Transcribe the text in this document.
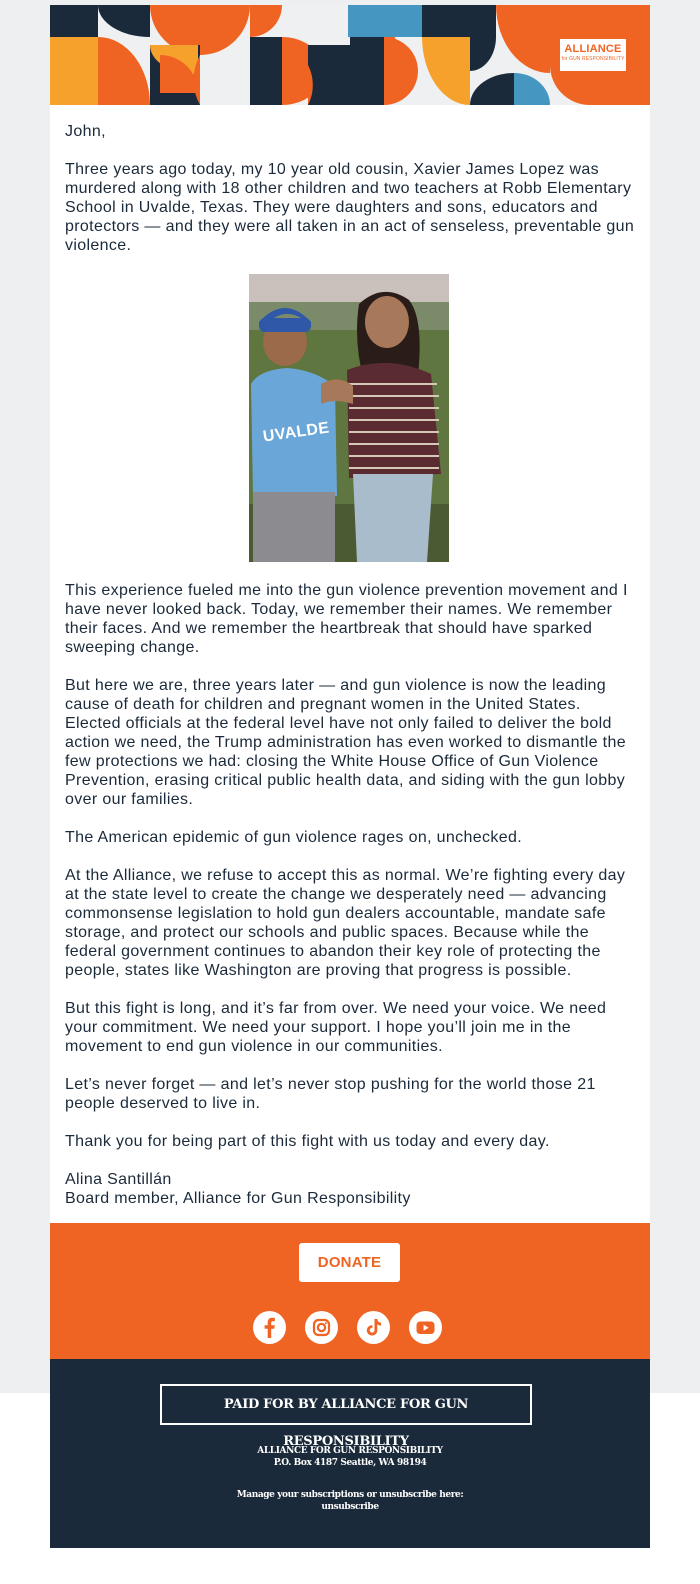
ALLIANCE
for GUN RESPONSIBILITY

John,

Three years ago today, my 10 year old cousin, Xavier James Lopez was murdered along with 18 other children and two teachers at Robb Elementary School in Uvalde, Texas. They were daughters and sons, educators and protectors — and they were all taken in an act of senseless, preventable gun violence.

UVALDE

This experience fueled me into the gun violence prevention movement and I have never looked back. Today, we remember their names. We remember their faces. And we remember the heartbreak that should have sparked sweeping change.

But here we are, three years later — and gun violence is now the leading cause of death for children and pregnant women in the United States. Elected officials at the federal level have not only failed to deliver the bold action we need, the Trump administration has even worked to dismantle the few protections we had: closing the White House Office of Gun Violence Prevention, erasing critical public health data, and siding with the gun lobby over our families.

The American epidemic of gun violence rages on, unchecked.

At the Alliance, we refuse to accept this as normal. We’re fighting every day at the state level to create the change we desperately need — advancing commonsense legislation to hold gun dealers accountable, mandate safe storage, and protect our schools and public spaces. Because while the federal government continues to abandon their key role of protecting the people, states like Washington are proving that progress is possible.

But this fight is long, and it’s far from over. We need your voice. We need your commitment. We need your support. I hope you’ll join me in the movement to end gun violence in our communities.

Let’s never forget — and let’s never stop pushing for the world those 21 people deserved to live in.

Thank you for being part of this fight with us today and every day.

Alina Santillán
Board member, Alliance for Gun Responsibility

DONATE
PAID FOR BY ALLIANCE FOR GUN RESPONSIBILITY
ALLIANCE FOR GUN RESPONSIBILITY
P.O. Box 4187 Seattle, WA 98194
Manage your subscriptions or unsubscribe here:
unsubscribe
